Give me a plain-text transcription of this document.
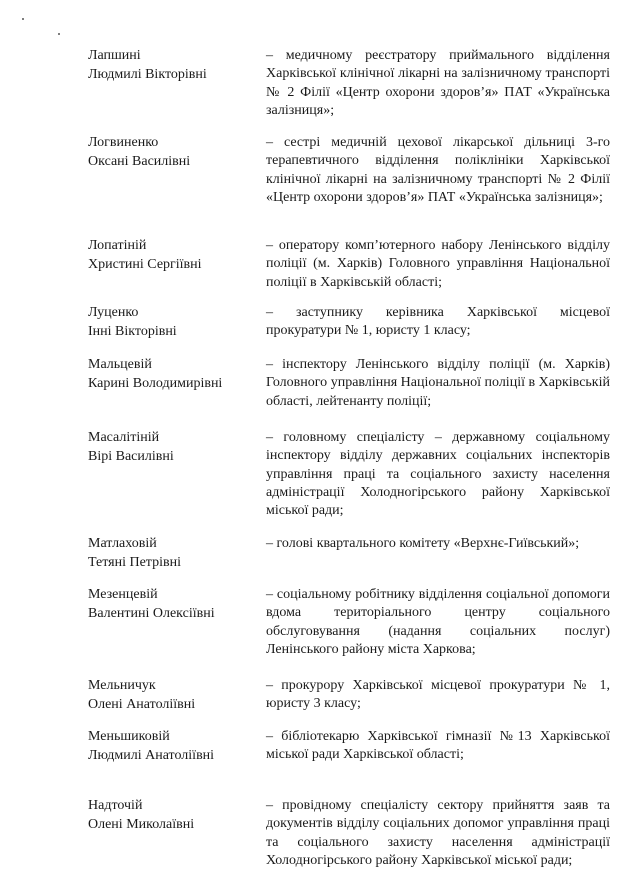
Лапшині
Людмилі Вікторівні
– медичному реєстратору приймального відділення Харківської клінічної лікарні на залізничному транспорті № 2 Філії «Центр охорони здоров’я» ПАТ «Українська залізниця»;
Логвиненко
Оксані Василівні
– сестрі медичній цехової лікарської дільниці 3-го терапевтичного відділення поліклініки Харківської клінічної лікарні на залізничному транспорті № 2 Філії «Центр охорони здоров’я» ПАТ «Українська залізниця»;
Лопатіній
Христині Сергіївні
– оператору комп’ютерного набору Ленінського відділу поліції (м. Харків) Головного управління Національної поліції в Харківській області;
Луценко
Інні Вікторівні
– заступнику керівника Харківської місцевої прокуратури № 1, юристу 1 класу;
Мальцевій
Карині Володимирівні
– інспектору Ленінського відділу поліції (м. Харків) Головного управління Національної поліції в Харківській області, лейтенанту поліції;
Масалітіній
Вірі Василівні
– головному спеціалісту – державному соціальному інспектору відділу державних соціальних інспекторів управління праці та соціального захисту населення адміністрації Холодногірського району Харківської міської ради;
Матлаховій
Тетяні Петрівні
– голові квартального комітету «Верхнє-Гиївський»;
Мезенцевій
Валентині Олексіївні
– соціальному робітнику відділення соціальної допомоги вдома територіального центру соціального обслуговування (надання соціальних послуг) Ленінського району міста Харкова;
Мельничук
Олені Анатоліївні
– прокурору Харківської місцевої прокуратури № 1, юристу 3 класу;
Меньшиковій
Людмилі Анатоліївні
– бібліотекарю Харківської гімназії №13 Харківської міської ради Харківської області;
Надточій
Олені Миколаївні
– провідному спеціалісту сектору прийняття заяв та документів відділу соціальних допомог управління праці та соціального захисту населення адміністрації Холодногірського району Харківської міської ради;
